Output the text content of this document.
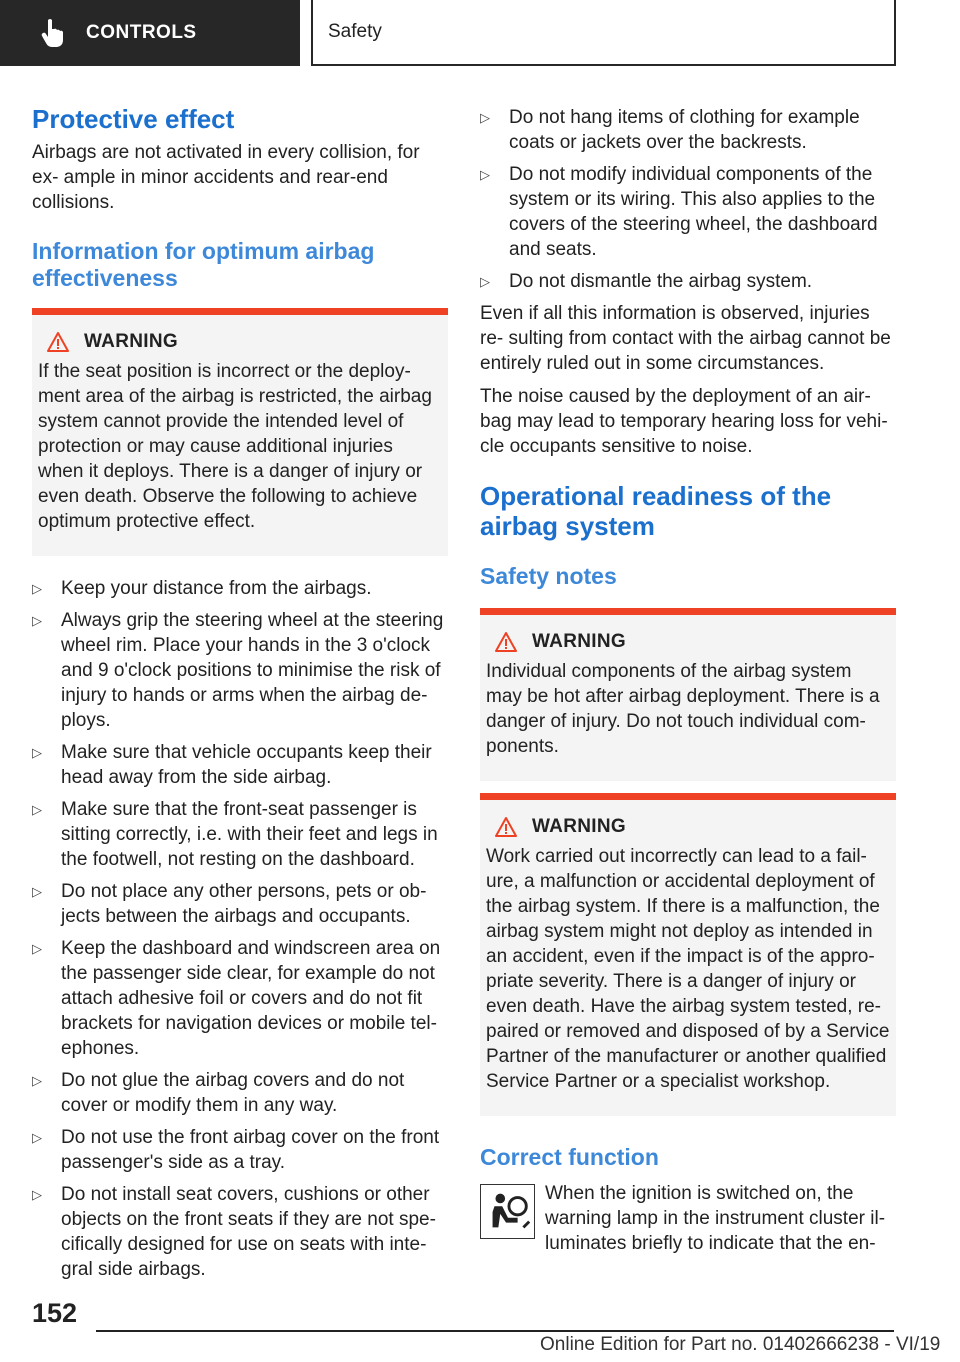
CONTROLS	Safety
Protective effect
Airbags are not activated in every collision, for ex‐ ample in minor accidents and rear-end collisions.
Information for optimum airbag effectiveness
WARNING
If the seat position is incorrect or the deploy‐ ment area of the airbag is restricted, the airbag system cannot provide the intended level of protection or may cause additional injuries when it deploys. There is a danger of injury or even death. Observe the following to achieve optimum protective effect.
▷	Keep your distance from the airbags.
▷	Always grip the steering wheel at the steering wheel rim. Place your hands in the 3 o'clock and 9 o'clock positions to minimise the risk of injury to hands or arms when the airbag de‐ ploys.
▷	Make sure that vehicle occupants keep their head away from the side airbag.
▷	Make sure that the front-seat passenger is sitting correctly, i.e. with their feet and legs in the footwell, not resting on the dashboard.
▷	Do not place any other persons, pets or ob‐ jects between the airbags and occupants.
▷	Keep the dashboard and windscreen area on the passenger side clear, for example do not attach adhesive foil or covers and do not fit brackets for navigation devices or mobile tel‐ ephones.
▷	Do not glue the airbag covers and do not cover or modify them in any way.
▷	Do not use the front airbag cover on the front passenger's side as a tray.
▷	Do not install seat covers, cushions or other objects on the front seats if they are not spe‐ cifically designed for use on seats with inte‐ gral side airbags.
▷	Do not hang items of clothing for example coats or jackets over the backrests.
▷	Do not modify individual components of the system or its wiring. This also applies to the covers of the steering wheel, the dashboard and seats.
▷	Do not dismantle the airbag system.
Even if all this information is observed, injuries re‐ sulting from contact with the airbag cannot be entirely ruled out in some circumstances.
The noise caused by the deployment of an air‐ bag may lead to temporary hearing loss for vehi‐ cle occupants sensitive to noise.
Operational readiness of the airbag system
Safety notes
WARNING
Individual components of the airbag system may be hot after airbag deployment. There is a danger of injury. Do not touch individual com‐ ponents.
WARNING
Work carried out incorrectly can lead to a fail‐ ure, a malfunction or accidental deployment of the airbag system. If there is a malfunction, the airbag system might not deploy as intended in an accident, even if the impact is of the appro‐ priate severity. There is a danger of injury or even death. Have the airbag system tested, re‐ paired or removed and disposed of by a Service Partner of the manufacturer or another qualified Service Partner or a specialist workshop.
Correct function
When the ignition is switched on, the warning lamp in the instrument cluster il‐ luminates briefly to indicate that the en‐
152
Online Edition for Part no. 01402666238 - VI/19
